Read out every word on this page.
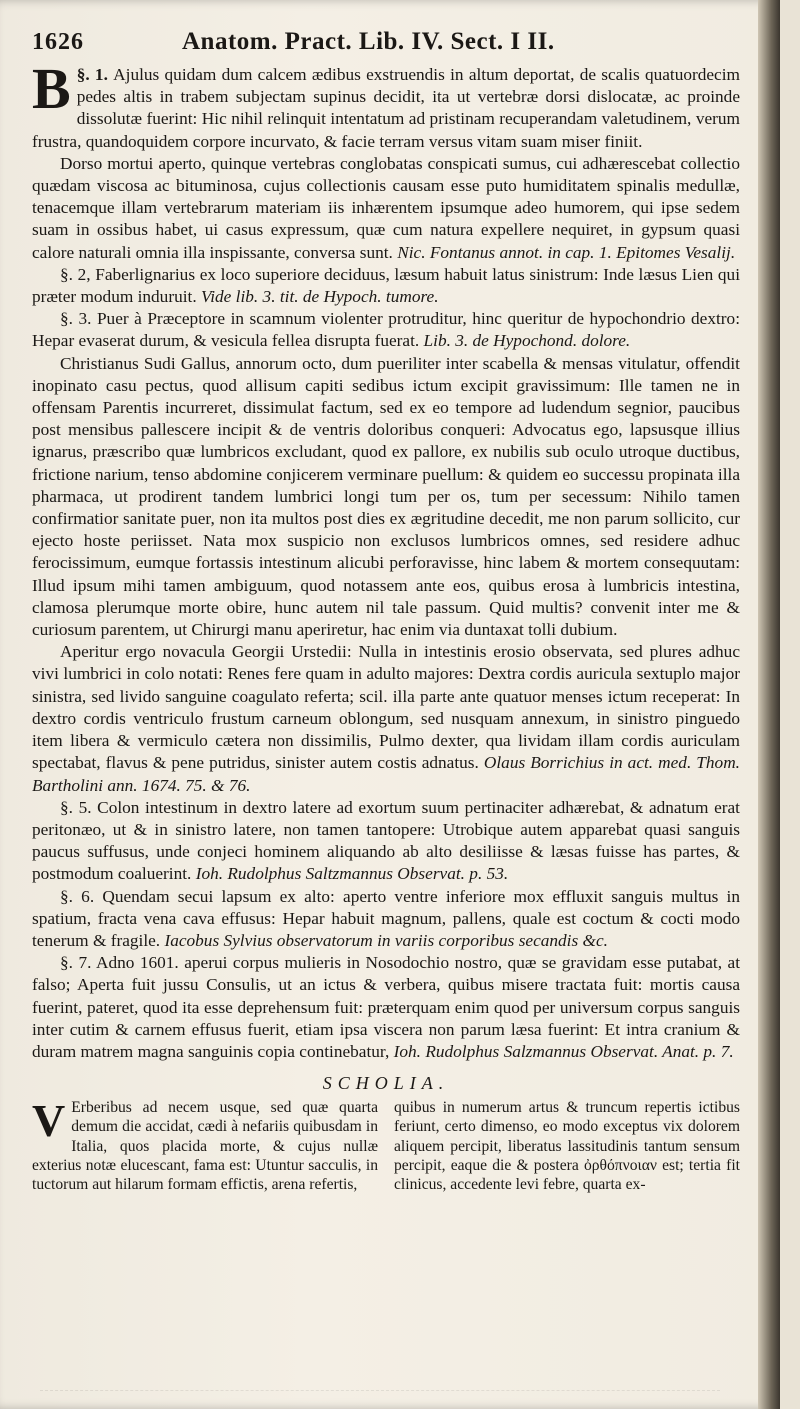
1626	Anatom. Pract. Lib. IV. Sect. I II.

§. 1.
B Ajulus quidam dum calcem ædibus exstruendis in altum deportat, de scalis quatuordecim pedes altis in trabem subjectam supinus decidit, ita ut vertebræ dorsi dislocatæ, ac proinde dissolutæ fuerint: Hic nihil relinquit intentatum ad pristinam recuperandam valetudinem, verum frustra, quandoquidem corpore incurvato, & facie terram versus vitam suam miser finiit.

Dorso mortui aperto, quinque vertebras conglobatas conspicati sumus, cui adhærescebat collectio quædam viscosa ac bituminosa, cujus collectionis causam esse puto humiditatem spinalis medullæ, tenacemque illam vertebrarum materiam iis inhærentem ipsumque adeo humorem, qui ipse sedem suam in ossibus habet, ui casus expressum, quæ cum natura expellere nequiret, in gypsum quasi calore naturali omnia illa inspissante, conversa sunt. Nic. Fontanus annot. in cap. 1. Epitomes Vesalij.

§. 2, Faberlignarius ex loco superiore deciduus, læsum habuit latus sinistrum: Inde læsus Lien qui præter modum induruit. Vide lib. 3. tit. de Hypoch. tumore.

§. 3. Puer à Præceptore in scamnum violenter protruditur, hinc queritur de hypochondrio dextro: Hepar evaserat durum, & vesicula fellea disrupta fuerat. Lib. 3. de Hypochond. dolore.

Christianus Sudi Gallus, annorum octo, dum pueriliter inter scabella & mensas vitulatur, offendit inopinato casu pectus, quod allisum capiti sedibus ictum excipit gravissimum: Ille tamen ne in offensam Parentis incurreret, dissimulat factum, sed ex eo tempore ad ludendum segnior, paucibus post mensibus pallescere incipit & de ventris doloribus conqueri: Advocatus ego, lapsusque illius ignarus, præscribo quæ lumbricos excludant, quod ex pallore, ex nubilis sub oculo utroque ductibus, frictione narium, tenso abdomine conjicerem verminare puellum: & quidem eo successu propinata illa pharmaca, ut prodirent tandem lumbrici longi tum per os, tum per secessum: Nihilo tamen confirmatior sanitate puer, non ita multos post dies ex ægritudine decedit, me non parum sollicito, cur ejecto hoste periisset. Nata mox suspicio non exclusos lumbricos omnes, sed residere adhuc ferocissimum, eumque fortassis intestinum alicubi perforavisse, hinc labem & mortem consequutam: Illud ipsum mihi tamen ambiguum, quod notassem ante eos, quibus erosa à lumbricis intestina, clamosa plerumque morte obire, hunc autem nil tale passum. Quid multis? convenit inter me & curiosum parentem, ut Chirurgi manu aperiretur, hac enim via duntaxat tolli dubium.

Aperitur ergo novacula Georgii Urstedii: Nulla in intestinis erosio observata, sed plures adhuc vivi lumbrici in colo notati: Renes fere quam in adulto majores: Dextra cordis auricula sextuplo major sinistra, sed livido sanguine coagulato referta; scil. illa parte ante quatuor menses ictum receperat: In dextro cordis ventriculo frustum carneum oblongum, sed nusquam annexum, in sinistro pinguedo item libera & vermiculo cætera non dissimilis, Pulmo dexter, qua lividam illam cordis auriculam spectabat, flavus & pene putridus, sinister autem costis adnatus. Olaus Borrichius in act. med. Thom. Bartholini ann. 1674. 75. & 76.

§. 5. Colon intestinum in dextro latere ad exortum suum pertinaciter adhærebat, & adnatum erat peritonæo, ut & in sinistro latere, non tamen tantopere: Utrobique autem apparebat quasi sanguis paucus suffusus, unde conjeci hominem aliquando ab alto desiliisse & læsas fuisse has partes, & postmodum coaluerint. Ioh. Rudolphus Saltzmannus Observat. p. 53.

§. 6. Quendam secui lapsum ex alto: aperto ventre inferiore mox effluxit sanguis multus in spatium, fracta vena cava effusus: Hepar habuit magnum, pallens, quale est coctum & cocti modo tenerum & fragile. Iacobus Sylvius observatorum in variis corporibus secandis &c.

§. 7. Adno 1601. aperui corpus mulieris in Nosodochio nostro, quæ se gravidam esse putabat, at falso; Aperta fuit jussu Consulis, ut an ictus & verbera, quibus misere tractata fuit: mortis causa fuerint, pateret, quod ita esse deprehensum fuit: præterquam enim quod per universum corpus sanguis inter cutim & carnem effusus fuerit, etiam ipsa viscera non parum læsa fuerint: Et intra cranium & duram matrem magna sanguinis copia continebatur, Ioh. Rudolphus Salzmannus Observat. Anat. p. 7.

SCHOLIA.
V Erberibus ad necem usque, sed quæ quarta demum die accidat, cædi à nefariis quibusdam in Italia, quos placida morte, & cujus nullæ exterius notæ elucescant, fama est: Utuntur sacculis, in tuctorum aut hilarum formam effictis, arena refertis,
quibus in numerum artus & truncum repertis ictibus feriunt, certo dimenso, eo modo exceptus vix dolorem aliquem percipit, liberatus lassitudinis tantum sensum percipit, eaque die & postera ὀρθόπνοιαν est; tertia fit clinicus, accedente levi febre, quarta ex-
